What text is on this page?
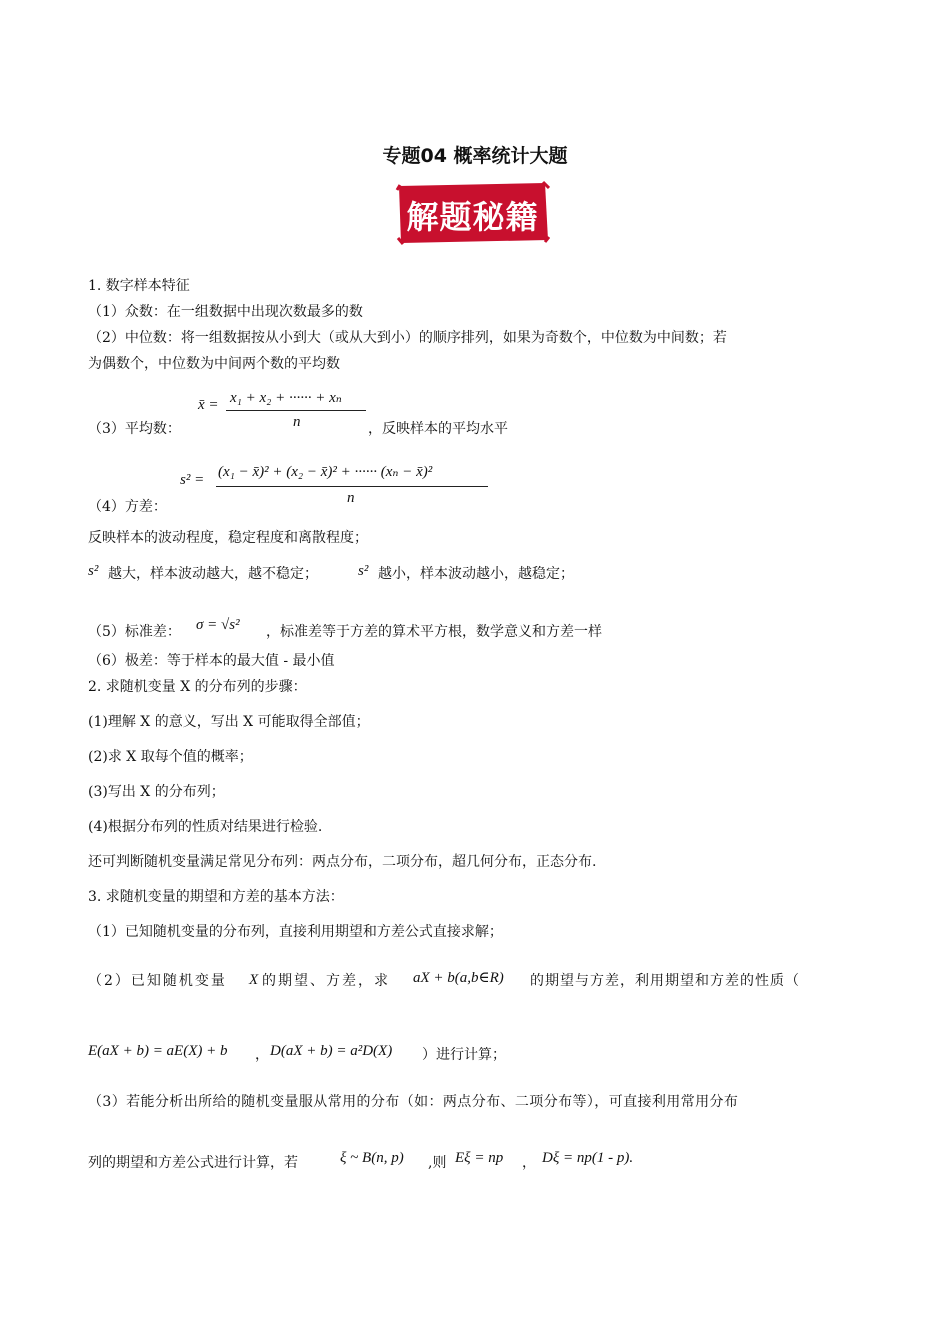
专题04 概率统计大题
解题秘籍
1. 数字样本特征
（1）众数：在一组数据中出现次数最多的数
（2）中位数：将一组数据按从小到大（或从大到小）的顺序排列，如果为奇数个，中位数为中间数；若
为偶数个，中位数为中间两个数的平均数
x̄ = x₁ + x₂ + ······ + xₙ
n
（3）平均数：	，反映样本的平均水平
s² = (x₁ − x̄)² + (x₂ − x̄)² + ······ (xₙ − x̄)²
n
（4）方差：
反映样本的波动程度，稳定程度和离散程度；
s² 越大，样本波动越大，越不稳定；	s² 越小，样本波动越小，越稳定；
（5）标准差： σ = √s² ，标准差等于方差的算术平方根，数学意义和方差一样
（6）极差：等于样本的最大值 - 最小值
2. 求随机变量 X 的分布列的步骤：
(1)理解 X 的意义，写出 X 可能取得全部值；
(2)求 X 取每个值的概率；
(3)写出 X 的分布列；
(4)根据分布列的性质对结果进行检验.
还可判断随机变量满足常见分布列：两点分布，二项分布，超几何分布，正态分布.
3. 求随机变量的期望和方差的基本方法：
（1）已知随机变量的分布列，直接利用期望和方差公式直接求解；
（2）已知随机变量 X 的期望、方差，求 aX + b(a,b∈R) 的期望与方差，利用期望和方差的性质（
E(aX + b) = aE(X) + b ， D(aX + b) = a²D(X) ）进行计算；
（3）若能分析出所给的随机变量服从常用的分布（如：两点分布、二项分布等），可直接利用常用分布
列的期望和方差公式进行计算，若	ξ ~ B(n, p) ,则 Eξ = np ， Dξ = np(1 - p).
